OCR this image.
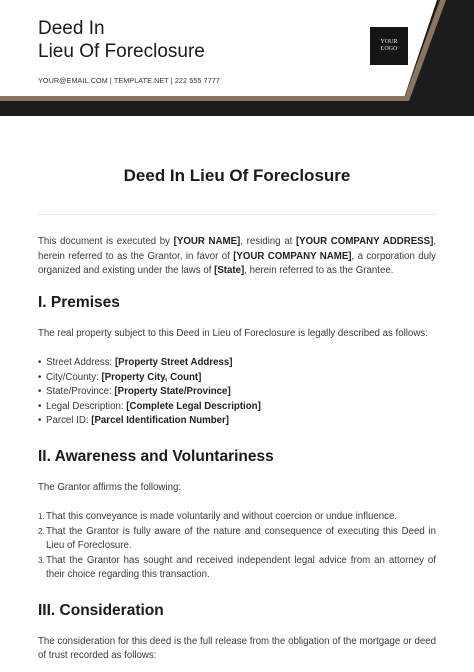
Deed In
Lieu Of Foreclosure
YOUR@EMAIL.COM | TEMPLATE.NET | 222 555 7777
YOUR
LOGO
Deed In Lieu Of Foreclosure

This document is executed by [YOUR NAME], residing at [YOUR COMPANY ADDRESS], herein referred to as the Grantor, in favor of [YOUR COMPANY NAME], a corporation duly organized and existing under the laws of [State], herein referred to as the Grantee.

I. Premises

The real property subject to this Deed in Lieu of Foreclosure is legally described as follows:

• Street Address: [Property Street Address]
• City/County: [Property City, Count]
• State/Province: [Property State/Province]
• Legal Description: [Complete Legal Description]
• Parcel ID: [Parcel Identification Number]
II. Awareness and Voluntariness

The Grantor affirms the following:

1. That this conveyance is made voluntarily and without coercion or undue influence.
2. That the Grantor is fully aware of the nature and consequence of executing this Deed in Lieu of Foreclosure.
3. That the Grantor has sought and received independent legal advice from an attorney of their choice regarding this transaction.
III. Consideration

The consideration for this deed is the full release from the obligation of the mortgage or deed of trust recorded as follows:
